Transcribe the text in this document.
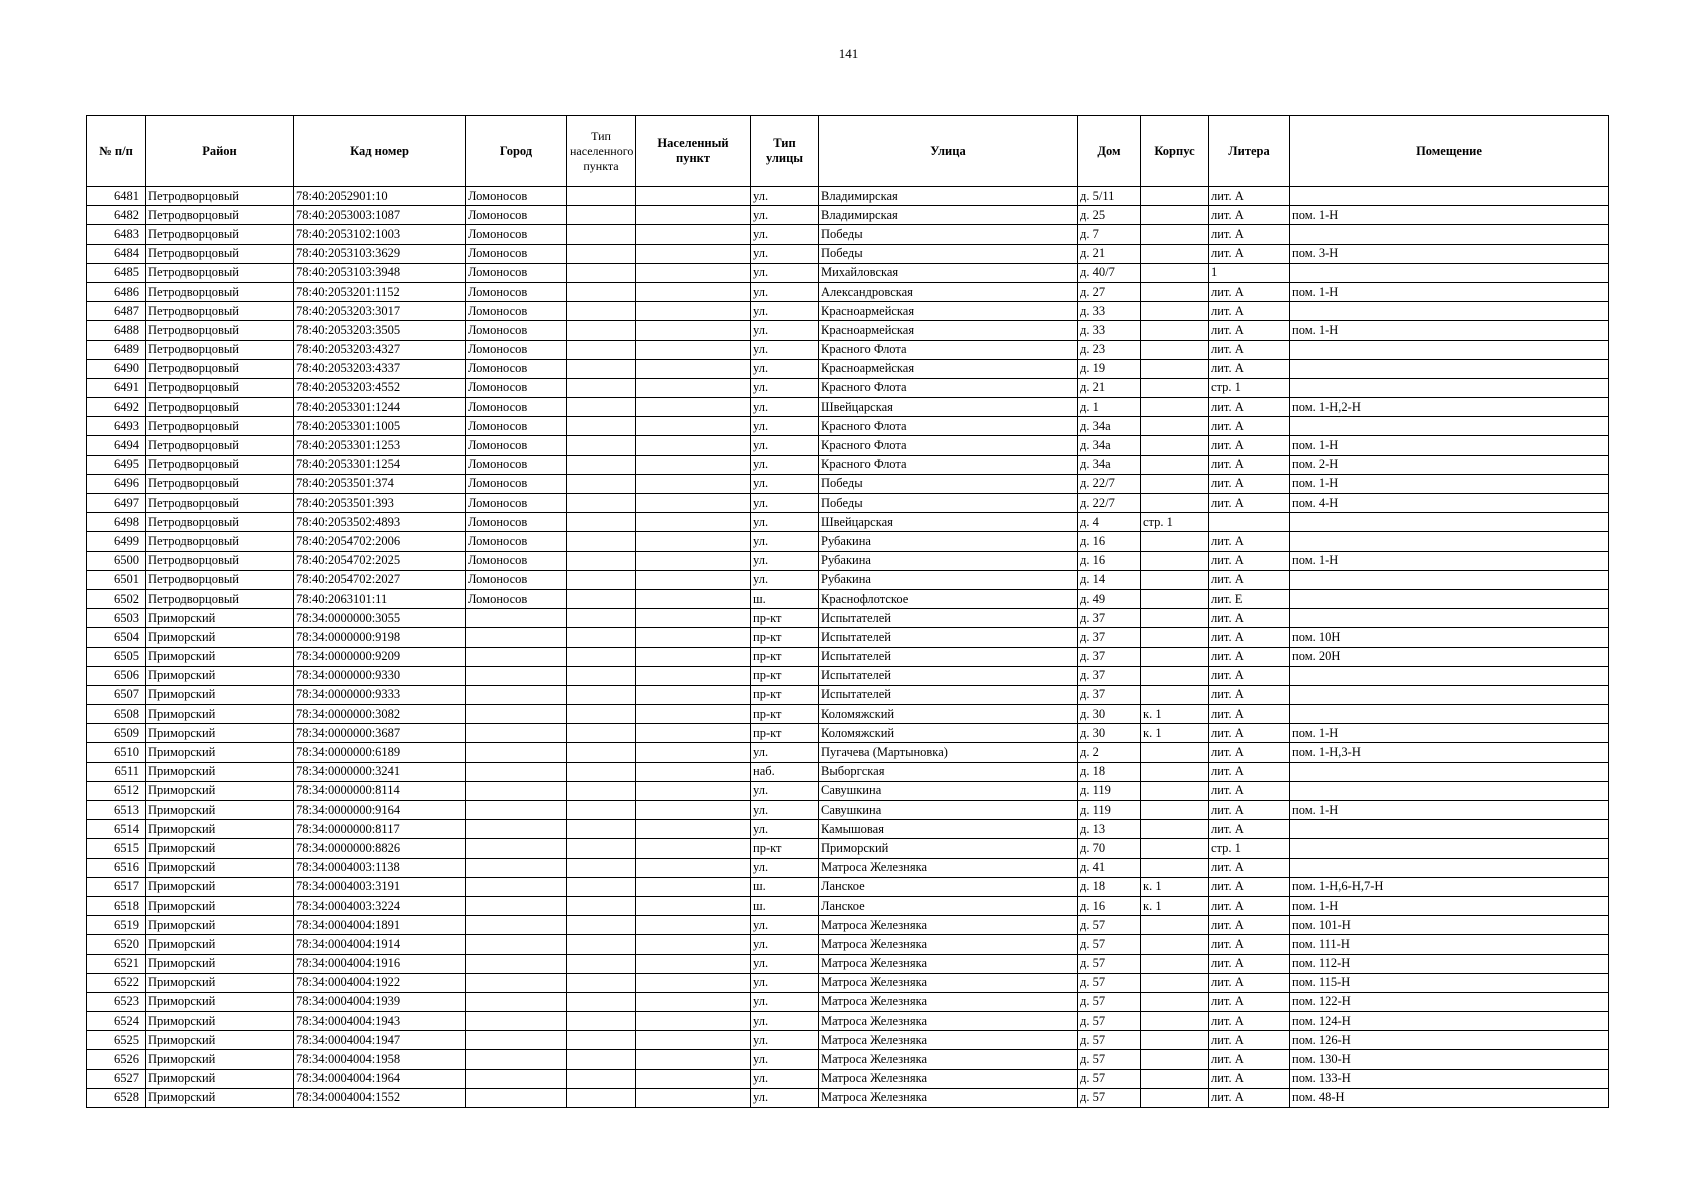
141
№ п/п	Район	Кад номер	Город	Тип населенного пункта	Населенный пункт	Тип улицы	Улица	Дом	Корпус	Литера	Помещение
6481	Петродворцовый	78:40:2052901:10	Ломоносов			ул.	Владимирская	д. 5/11		лит. А	
6482	Петродворцовый	78:40:2053003:1087	Ломоносов			ул.	Владимирская	д. 25		лит. А	пом. 1-Н
6483	Петродворцовый	78:40:2053102:1003	Ломоносов			ул.	Победы	д. 7		лит. А	
6484	Петродворцовый	78:40:2053103:3629	Ломоносов			ул.	Победы	д. 21		лит. А	пом. 3-Н
6485	Петродворцовый	78:40:2053103:3948	Ломоносов			ул.	Михайловская	д. 40/7		1	
6486	Петродворцовый	78:40:2053201:1152	Ломоносов			ул.	Александровская	д. 27		лит. А	пом. 1-Н
6487	Петродворцовый	78:40:2053203:3017	Ломоносов			ул.	Красноармейская	д. 33		лит. А	
6488	Петродворцовый	78:40:2053203:3505	Ломоносов			ул.	Красноармейская	д. 33		лит. А	пом. 1-Н
6489	Петродворцовый	78:40:2053203:4327	Ломоносов			ул.	Красного Флота	д. 23		лит. А	
6490	Петродворцовый	78:40:2053203:4337	Ломоносов			ул.	Красноармейская	д. 19		лит. А	
6491	Петродворцовый	78:40:2053203:4552	Ломоносов			ул.	Красного Флота	д. 21		стр. 1	
6492	Петродворцовый	78:40:2053301:1244	Ломоносов			ул.	Швейцарская	д. 1		лит. А	пом. 1-Н,2-Н
6493	Петродворцовый	78:40:2053301:1005	Ломоносов			ул.	Красного Флота	д. 34а		лит. А	
6494	Петродворцовый	78:40:2053301:1253	Ломоносов			ул.	Красного Флота	д. 34а		лит. А	пом. 1-Н
6495	Петродворцовый	78:40:2053301:1254	Ломоносов			ул.	Красного Флота	д. 34а		лит. А	пом. 2-Н
6496	Петродворцовый	78:40:2053501:374	Ломоносов			ул.	Победы	д. 22/7		лит. А	пом. 1-Н
6497	Петродворцовый	78:40:2053501:393	Ломоносов			ул.	Победы	д. 22/7		лит. А	пом. 4-Н
6498	Петродворцовый	78:40:2053502:4893	Ломоносов			ул.	Швейцарская	д. 4	стр. 1		
6499	Петродворцовый	78:40:2054702:2006	Ломоносов			ул.	Рубакина	д. 16		лит. А	
6500	Петродворцовый	78:40:2054702:2025	Ломоносов			ул.	Рубакина	д. 16		лит. А	пом. 1-Н
6501	Петродворцовый	78:40:2054702:2027	Ломоносов			ул.	Рубакина	д. 14		лит. А	
6502	Петродворцовый	78:40:2063101:11	Ломоносов			ш.	Краснофлотское	д. 49		лит. Е	
6503	Приморский	78:34:0000000:3055				пр-кт	Испытателей	д. 37		лит. А	
6504	Приморский	78:34:0000000:9198				пр-кт	Испытателей	д. 37		лит. А	пом. 10Н
6505	Приморский	78:34:0000000:9209				пр-кт	Испытателей	д. 37		лит. А	пом. 20Н
6506	Приморский	78:34:0000000:9330				пр-кт	Испытателей	д. 37		лит. А	
6507	Приморский	78:34:0000000:9333				пр-кт	Испытателей	д. 37		лит. А	
6508	Приморский	78:34:0000000:3082				пр-кт	Коломяжский	д. 30	к. 1	лит. А	
6509	Приморский	78:34:0000000:3687				пр-кт	Коломяжский	д. 30	к. 1	лит. А	пом. 1-Н
6510	Приморский	78:34:0000000:6189				ул.	Пугачева (Мартыновка)	д. 2		лит. А	пом. 1-Н,3-Н
6511	Приморский	78:34:0000000:3241				наб.	Выборгская	д. 18		лит. А	
6512	Приморский	78:34:0000000:8114				ул.	Савушкина	д. 119		лит. А	
6513	Приморский	78:34:0000000:9164				ул.	Савушкина	д. 119		лит. А	пом. 1-Н
6514	Приморский	78:34:0000000:8117				ул.	Камышовая	д. 13		лит. А	
6515	Приморский	78:34:0000000:8826				пр-кт	Приморский	д. 70		стр. 1	
6516	Приморский	78:34:0004003:1138				ул.	Матроса Железняка	д. 41		лит. А	
6517	Приморский	78:34:0004003:3191				ш.	Ланское	д. 18	к. 1	лит. А	пом. 1-Н,6-Н,7-Н
6518	Приморский	78:34:0004003:3224				ш.	Ланское	д. 16	к. 1	лит. А	пом. 1-Н
6519	Приморский	78:34:0004004:1891				ул.	Матроса Железняка	д. 57		лит. А	пом. 101-Н
6520	Приморский	78:34:0004004:1914				ул.	Матроса Железняка	д. 57		лит. А	пом. 111-Н
6521	Приморский	78:34:0004004:1916				ул.	Матроса Железняка	д. 57		лит. А	пом. 112-Н
6522	Приморский	78:34:0004004:1922				ул.	Матроса Железняка	д. 57		лит. А	пом. 115-Н
6523	Приморский	78:34:0004004:1939				ул.	Матроса Железняка	д. 57		лит. А	пом. 122-Н
6524	Приморский	78:34:0004004:1943				ул.	Матроса Железняка	д. 57		лит. А	пом. 124-Н
6525	Приморский	78:34:0004004:1947				ул.	Матроса Железняка	д. 57		лит. А	пом. 126-Н
6526	Приморский	78:34:0004004:1958				ул.	Матроса Железняка	д. 57		лит. А	пом. 130-Н
6527	Приморский	78:34:0004004:1964				ул.	Матроса Железняка	д. 57		лит. А	пом. 133-Н
6528	Приморский	78:34:0004004:1552				ул.	Матроса Железняка	д. 57		лит. А	пом. 48-Н
